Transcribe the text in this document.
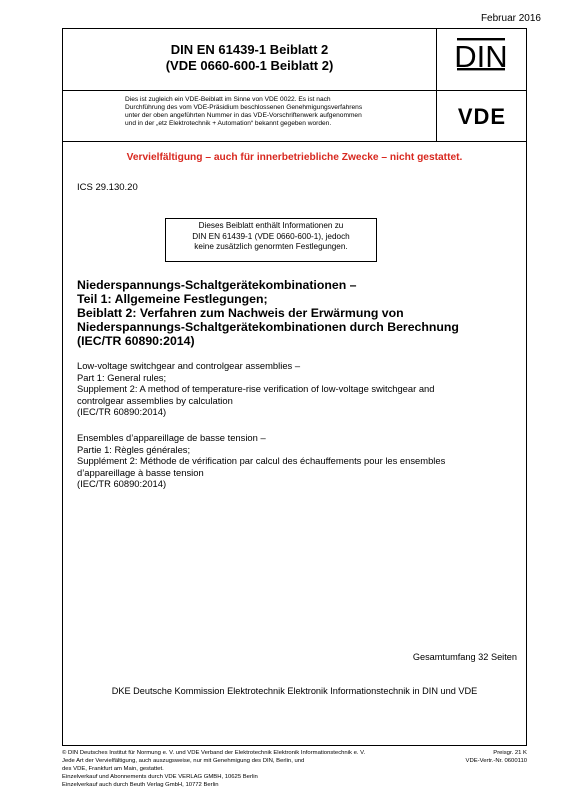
Februar 2016
DIN EN 61439-1 Beiblatt 2
(VDE 0660-600-1 Beiblatt 2)	DIN
Dies ist zugleich ein VDE-Beiblatt im Sinne von VDE 0022. Es ist nach
Durchführung des vom VDE-Präsidium beschlossenen Genehmigungsverfahrens
unter der oben angeführten Nummer in das VDE-Vorschriftenwerk aufgenommen
und in der „etz Elektrotechnik + Automation“ bekannt gegeben worden.	VDE
Vervielfältigung – auch für innerbetriebliche Zwecke – nicht gestattet.
ICS 29.130.20
Dieses Beiblatt enthält Informationen zu
DIN EN 61439-1 (VDE 0660-600-1), jedoch
keine zusätzlich genormten Festlegungen.
Niederspannungs-Schaltgerätekombinationen –
Teil 1: Allgemeine Festlegungen;
Beiblatt 2: Verfahren zum Nachweis der Erwärmung von
Niederspannungs-Schaltgerätekombinationen durch Berechnung
(IEC/TR 60890:2014)
Low-voltage switchgear and controlgear assemblies –
Part 1: General rules;
Supplement 2: A method of temperature-rise verification of low-voltage switchgear and
controlgear assemblies by calculation
(IEC/TR 60890:2014)
Ensembles d’appareillage de basse tension –
Partie 1: Règles générales;
Supplément 2: Méthode de vérification par calcul des échauffements pour les ensembles
d’appareillage à basse tension
(IEC/TR 60890:2014)
Gesamtumfang 32 Seiten
DKE Deutsche Kommission Elektrotechnik Elektronik Informationstechnik in DIN und VDE
© DIN Deutsches Institut für Normung e. V. und VDE Verband der Elektrotechnik Elektronik Informationstechnik e. V.
Jede Art der Vervielfältigung, auch auszugsweise, nur mit Genehmigung des DIN, Berlin, und
des VDE, Frankfurt am Main, gestattet.
Einzelverkauf und Abonnements durch VDE VERLAG GMBH, 10625 Berlin
Einzelverkauf auch durch Beuth Verlag GmbH, 10772 Berlin
Preisgr. 21 K
VDE-Vertr.-Nr. 0600110
